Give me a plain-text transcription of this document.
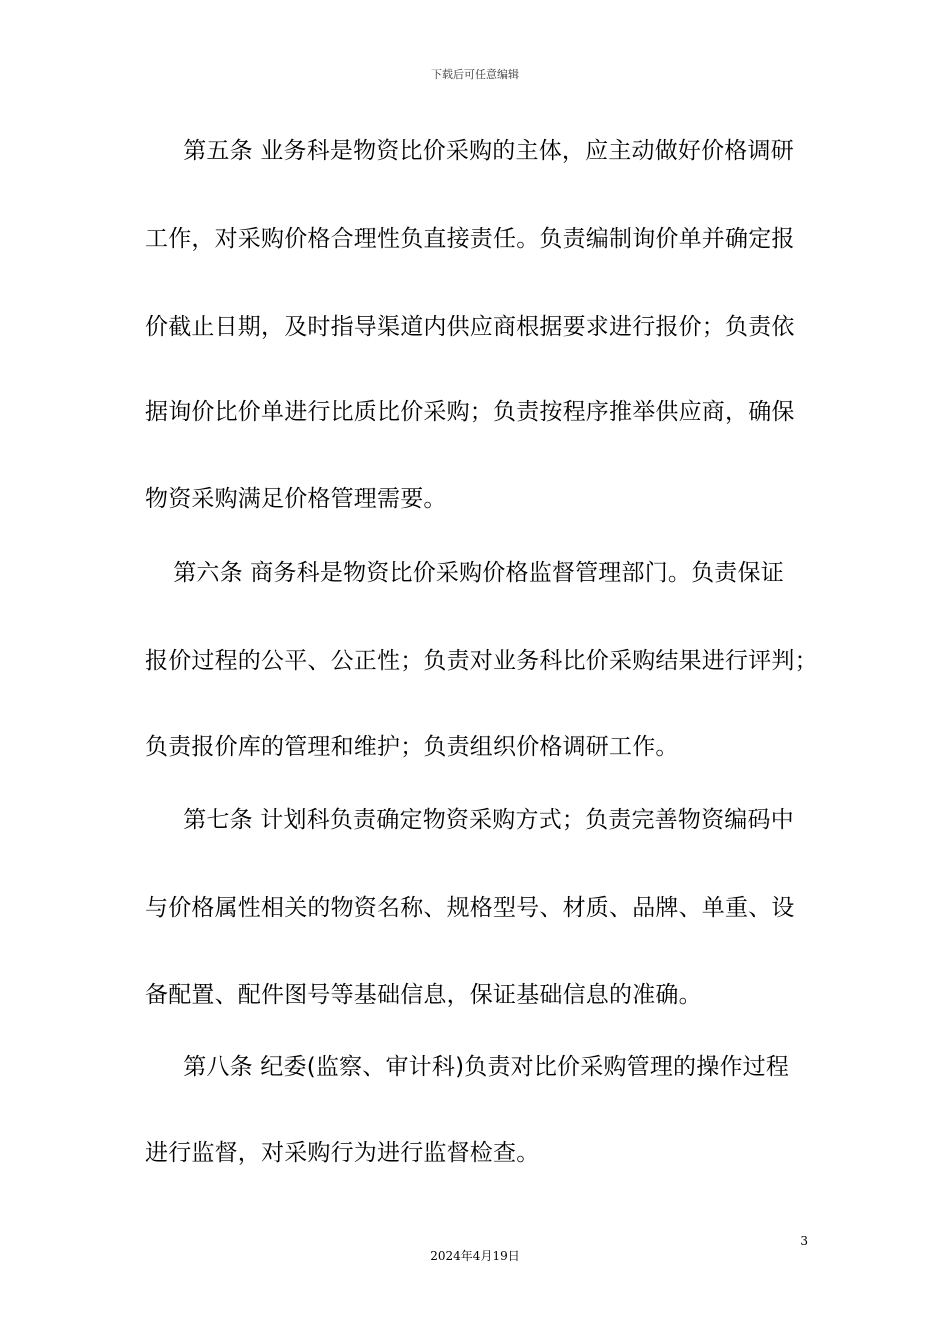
下载后可任意编辑
　第五条 业务科是物资比价采购的主体，应主动做好价格调研
工作，对采购价格合理性负直接责任。负责编制询价单并确定报
价截止日期，及时指导渠道内供应商根据要求进行报价；负责依
据询价比价单进行比质比价采购；负责按程序推举供应商，确保
物资采购满足价格管理需要。
　第六条 商务科是物资比价采购价格监督管理部门。负责保证
报价过程的公平、公正性；负责对业务科比价采购结果进行评判；
负责报价库的管理和维护；负责组织价格调研工作。
　第七条 计划科负责确定物资采购方式；负责完善物资编码中
与价格属性相关的物资名称、规格型号、材质、品牌、单重、设
备配置、配件图号等基础信息，保证基础信息的准确。
　第八条 纪委(监察、审计科)负责对比价采购管理的操作过程
进行监督，对采购行为进行监督检查。
3
2024年4月19日
